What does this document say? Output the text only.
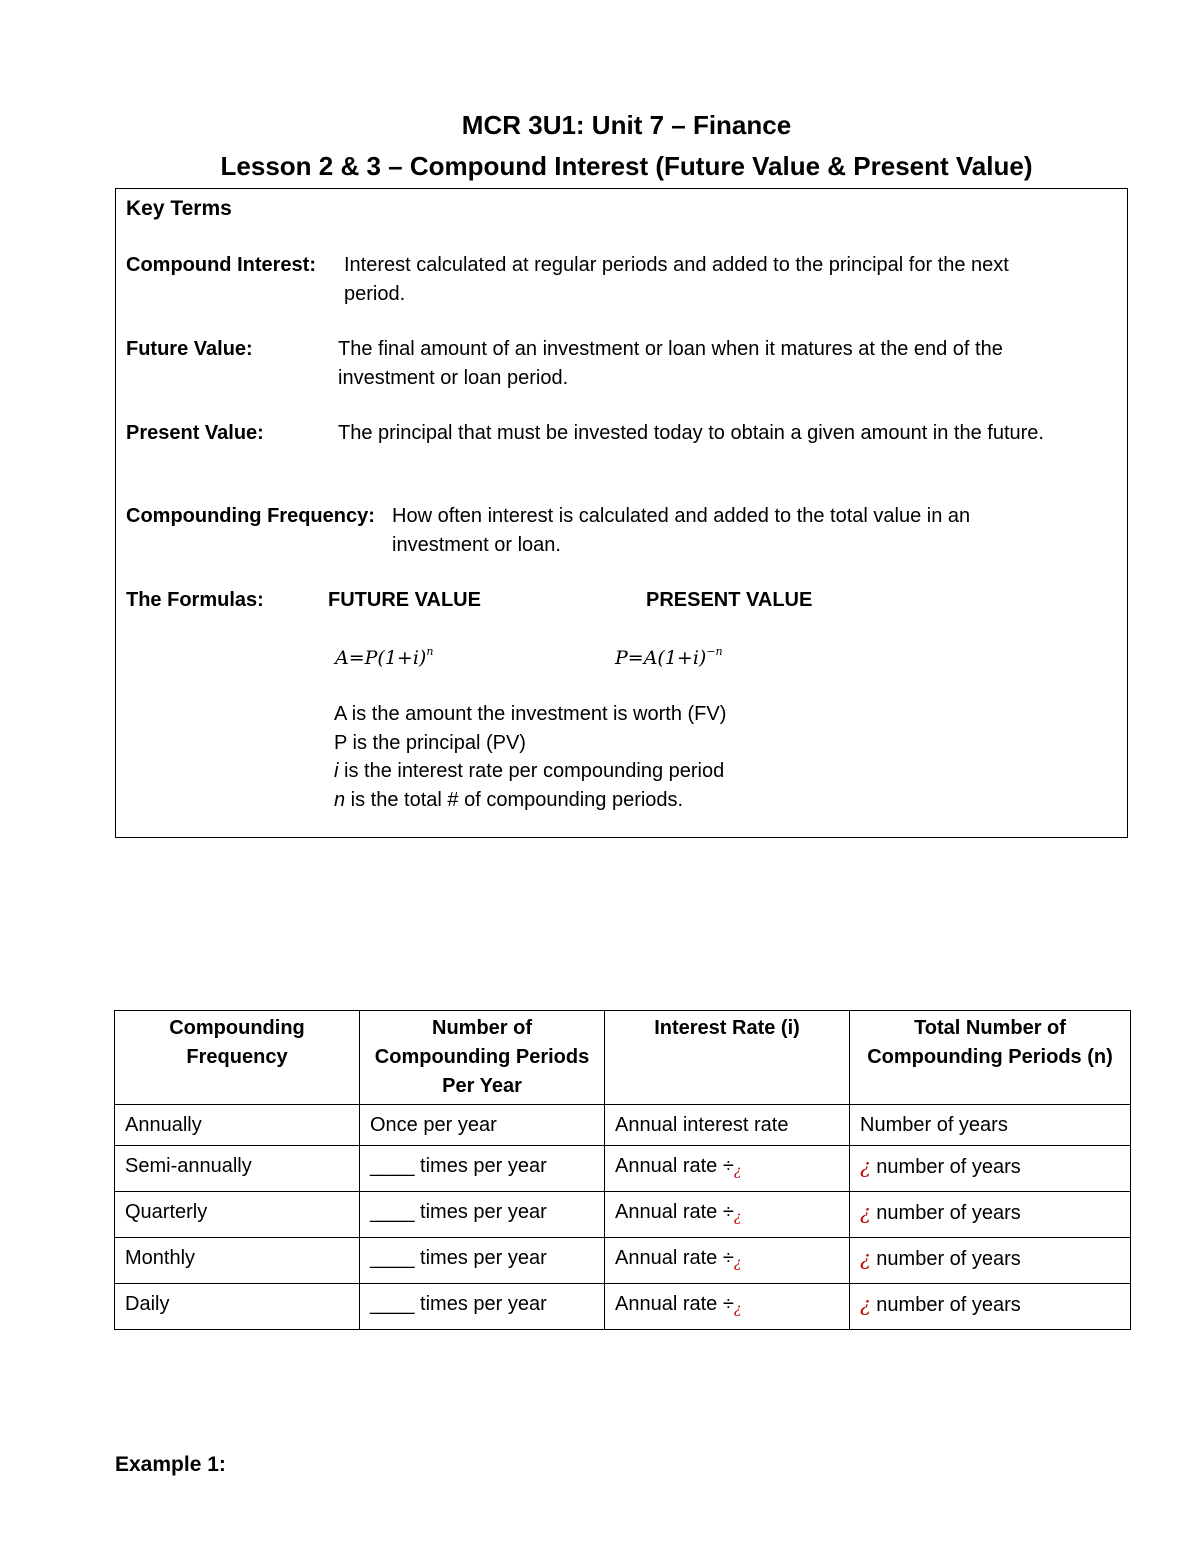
MCR 3U1: Unit 7 – Finance
Lesson 2 & 3 – Compound Interest (Future Value & Present Value)
Key Terms
Compound Interest: Interest calculated at regular periods and added to the principal for the next period.
Future Value:	The final amount of an investment or loan when it matures at the end of the investment or loan period.
Present Value:	The principal that must be invested today to obtain a given amount in the future.
Compounding Frequency: How often interest is calculated and added to the total value in an investment or loan.
The Formulas:	FUTURE VALUE	PRESENT VALUE
$A=P(1+i)^n$	$P=A(1+i)^{-n}$
A is the amount the investment is worth (FV)
P is the principal (PV)
i is the interest rate per compounding period
n is the total # of compounding periods.
Compounding Frequency	Number of Compounding Periods Per Year	Interest Rate (i)	Total Number of Compounding Periods (n)
Annually	Once per year	Annual interest rate	Number of years
Semi-annually	____ times per year	Annual rate ÷¿	¿ number of years
Quarterly	____ times per year	Annual rate ÷¿	¿ number of years
Monthly	____ times per year	Annual rate ÷¿	¿ number of years
Daily	____ times per year	Annual rate ÷¿	¿ number of years
Example 1:
